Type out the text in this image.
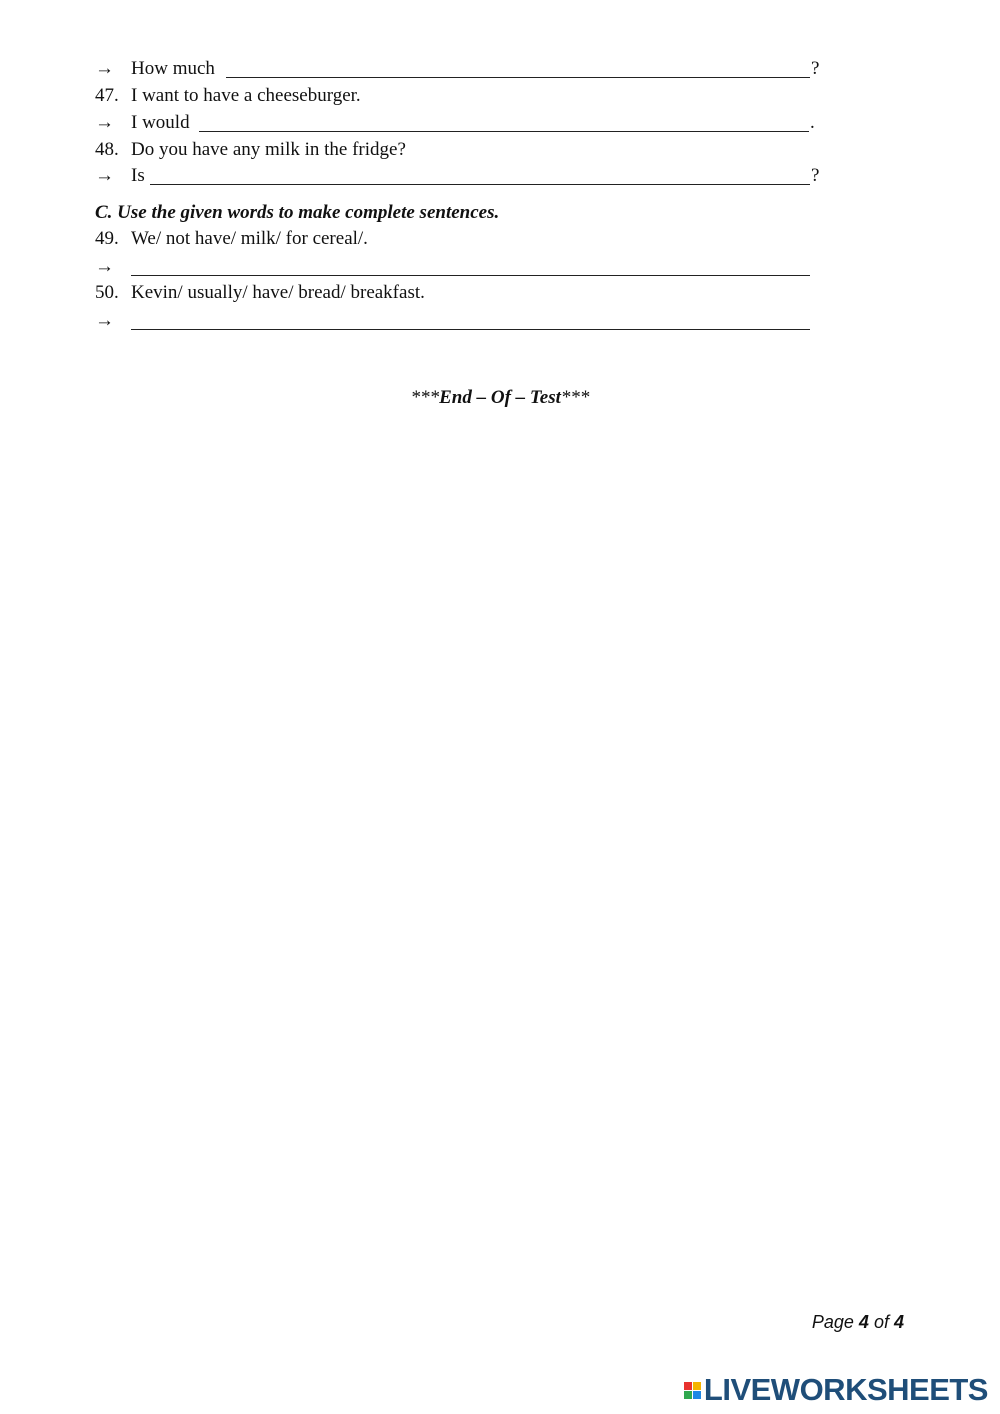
→ How much	?
47. I want to have a cheeseburger.
→ I would	.
48. Do you have any milk in the fridge?
→ Is	?
C. Use the given words to make complete sentences.
49. We/ not have/ milk/ for cereal/.
→
50. Kevin/ usually/ have/ bread/ breakfast.
→
***End – Of – Test***
Page 4 of 4
LIVEWORKSHEETS
